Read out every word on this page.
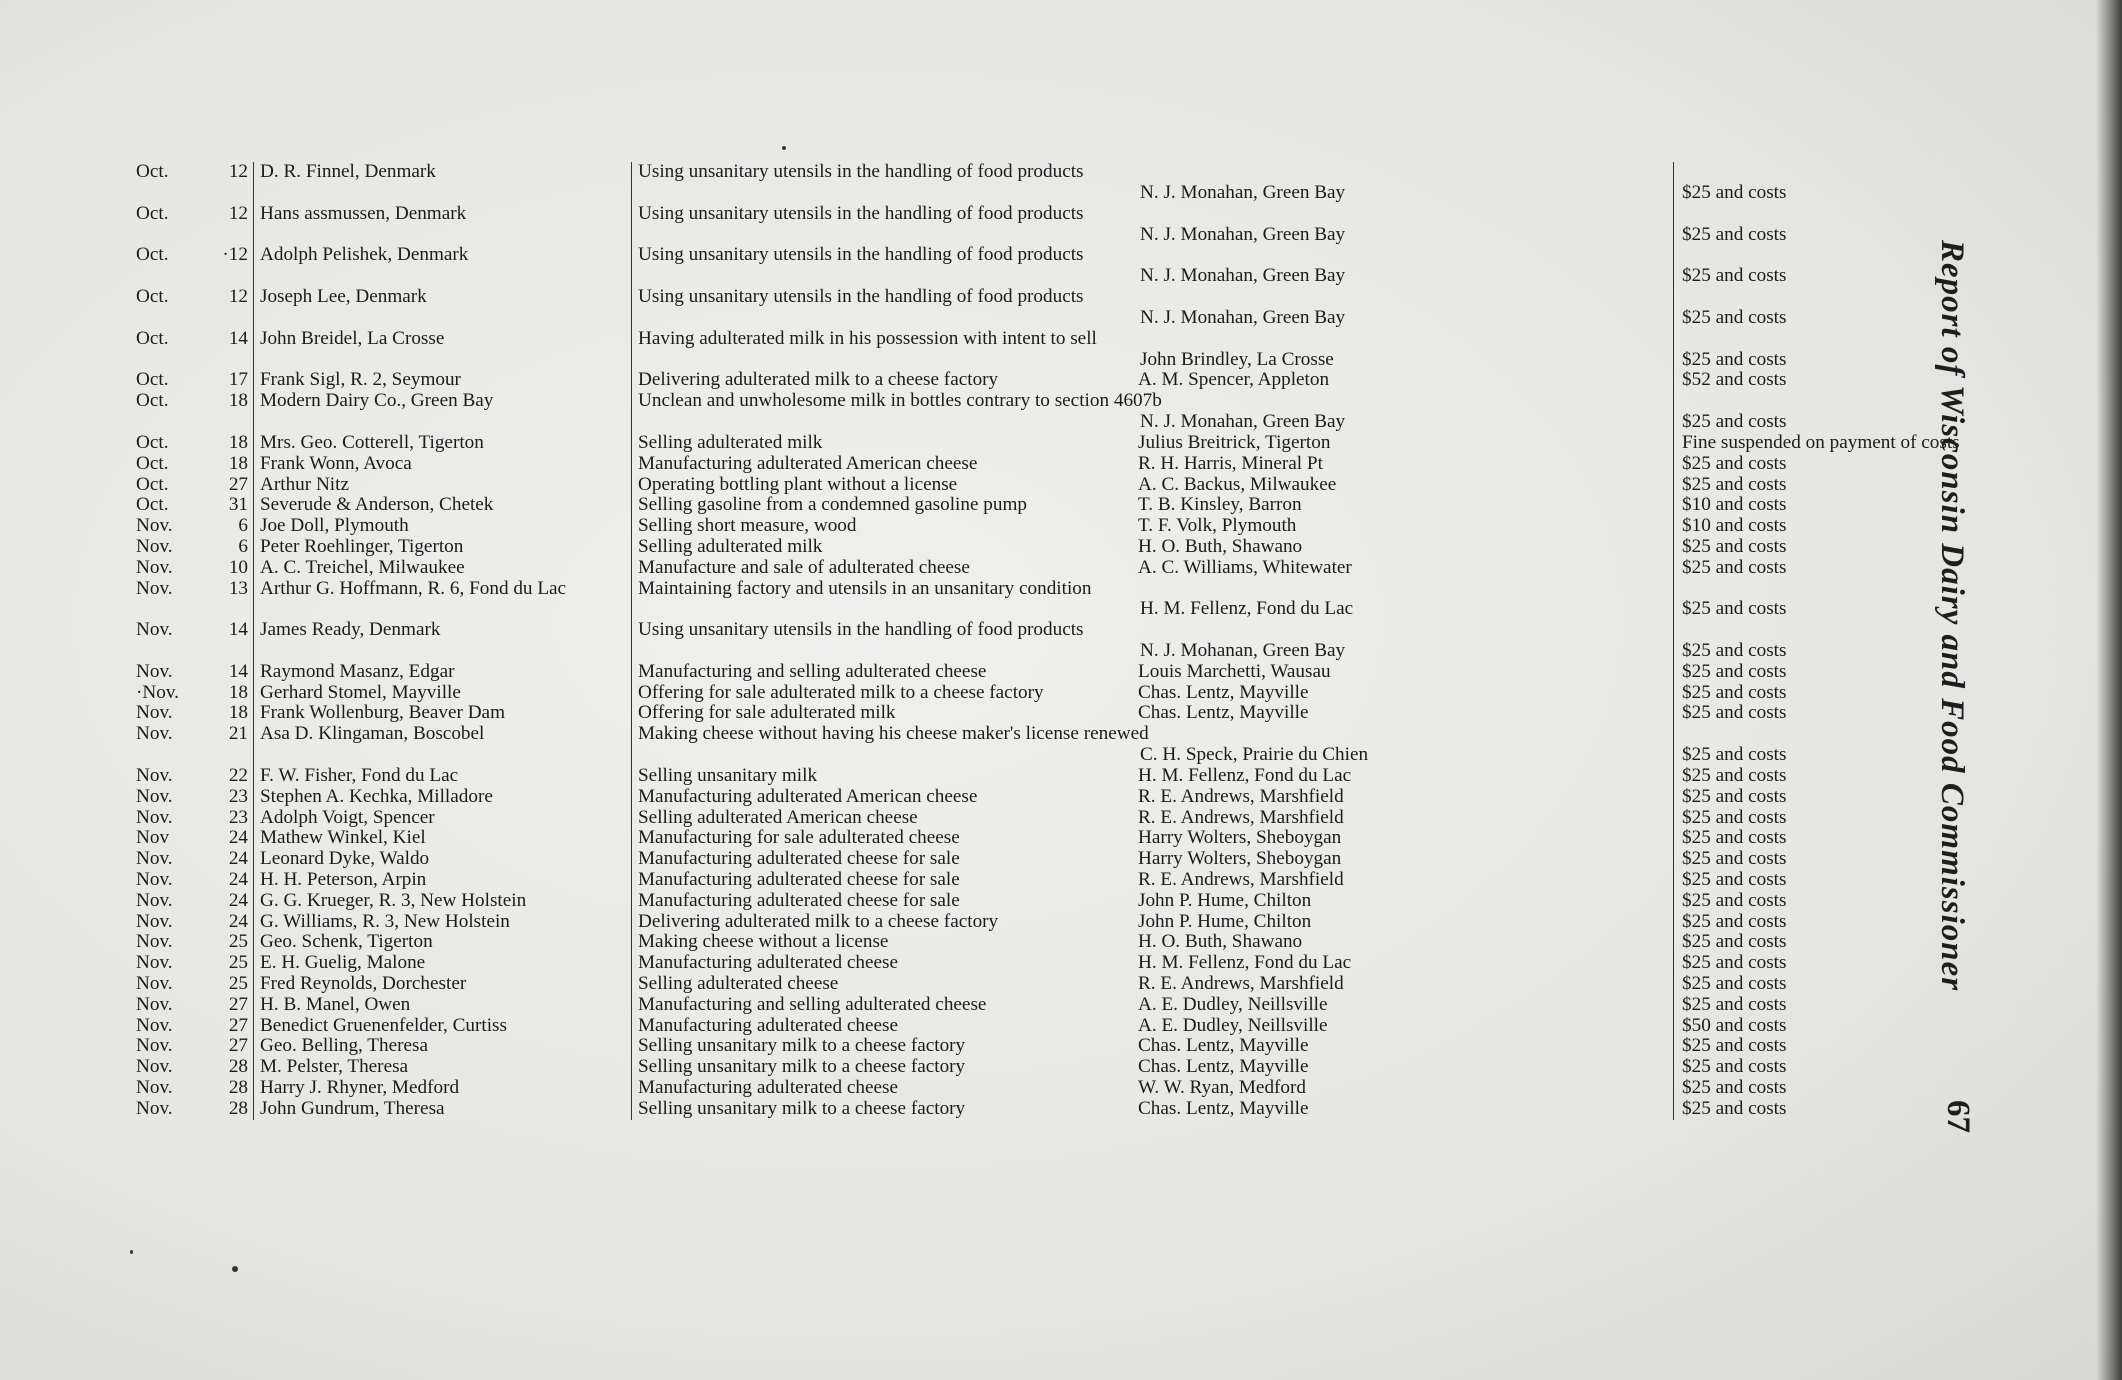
Oct.	12 D. R. Finnel, Denmark	Using unsanitary utensils in the handling of food products
N. J. Monahan, Green Bay	$25 and costs
Oct.	12 Hans assmussen, Denmark	Using unsanitary utensils in the handling of food products
N. J. Monahan, Green Bay	$25 and costs
Oct.	·12 Adolph Pelishek, Denmark	Using unsanitary utensils in the handling of food products
N. J. Monahan, Green Bay	$25 and costs
Oct.	12 Joseph Lee, Denmark	Using unsanitary utensils in the handling of food products
N. J. Monahan, Green Bay	$25 and costs
Oct.	14 John Breidel, La Crosse	Having adulterated milk in his possession with intent to sell
John Brindley, La Crosse	$25 and costs
Oct.	17 Frank Sigl, R. 2, Seymour	Delivering adulterated milk to a cheese factory	A. M. Spencer, Appleton	$52 and costs
Oct.	18 Modern Dairy Co., Green Bay	Unclean and unwholesome milk in bottles contrary to section 4607b
N. J. Monahan, Green Bay	$25 and costs
Oct.	18 Mrs. Geo. Cotterell, Tigerton	Selling adulterated milk	Julius Breitrick, Tigerton	Fine suspended on payment of costs
Oct.	18 Frank Wonn, Avoca	Manufacturing adulterated American cheese	R. H. Harris, Mineral Pt	$25 and costs
Oct.	27 Arthur Nitz	Operating bottling plant without a license	A. C. Backus, Milwaukee	$25 and costs
Oct.	31 Severude & Anderson, Chetek	Selling gasoline from a condemned gasoline pump	T. B. Kinsley, Barron	$10 and costs
Nov.	6 Joe Doll, Plymouth	Selling short measure, wood	T. F. Volk, Plymouth	$10 and costs
Nov.	6 Peter Roehlinger, Tigerton	Selling adulterated milk	H. O. Buth, Shawano	$25 and costs
Nov.	10 A. C. Treichel, Milwaukee	Manufacture and sale of adulterated cheese	A. C. Williams, Whitewater	$25 and costs
Nov.	13 Arthur G. Hoffmann, R. 6, Fond du Lac	Maintaining factory and utensils in an unsanitary condition
H. M. Fellenz, Fond du Lac	$25 and costs
Nov.	14 James Ready, Denmark	Using unsanitary utensils in the handling of food products
N. J. Mohanan, Green Bay	$25 and costs
Nov.	14 Raymond Masanz, Edgar	Manufacturing and selling adulterated cheese	Louis Marchetti, Wausau	$25 and costs
·Nov.	18 Gerhard Stomel, Mayville	Offering for sale adulterated milk to a cheese factory	Chas. Lentz, Mayville	$25 and costs
Nov.	18 Frank Wollenburg, Beaver Dam	Offering for sale adulterated milk	Chas. Lentz, Mayville	$25 and costs
Nov.	21 Asa D. Klingaman, Boscobel	Making cheese without having his cheese maker's license renewed
C. H. Speck, Prairie du Chien	$25 and costs
Nov.	22 F. W. Fisher, Fond du Lac	Selling unsanitary milk	H. M. Fellenz, Fond du Lac	$25 and costs
Nov.	23 Stephen A. Kechka, Milladore	Manufacturing adulterated American cheese	R. E. Andrews, Marshfield	$25 and costs
Nov.	23 Adolph Voigt, Spencer	Selling adulterated American cheese	R. E. Andrews, Marshfield	$25 and costs
Nov	24 Mathew Winkel, Kiel	Manufacturing for sale adulterated cheese	Harry Wolters, Sheboygan	$25 and costs
Nov.	24 Leonard Dyke, Waldo	Manufacturing adulterated cheese for sale	Harry Wolters, Sheboygan	$25 and costs
Nov.	24 H. H. Peterson, Arpin	Manufacturing adulterated cheese for sale	R. E. Andrews, Marshfield	$25 and costs
Nov.	24 G. G. Krueger, R. 3, New Holstein	Manufacturing adulterated cheese for sale	John P. Hume, Chilton	$25 and costs
Nov.	24 G. Williams, R. 3, New Holstein	Delivering adulterated milk to a cheese factory	John P. Hume, Chilton	$25 and costs
Nov.	25 Geo. Schenk, Tigerton	Making cheese without a license	H. O. Buth, Shawano	$25 and costs
Nov.	25 E. H. Guelig, Malone	Manufacturing adulterated cheese	H. M. Fellenz, Fond du Lac	$25 and costs
Nov.	25 Fred Reynolds, Dorchester	Selling adulterated cheese	R. E. Andrews, Marshfield	$25 and costs
Nov.	27 H. B. Manel, Owen	Manufacturing and selling adulterated cheese	A. E. Dudley, Neillsville	$25 and costs
Nov.	27 Benedict Gruenenfelder, Curtiss	Manufacturing adulterated cheese	A. E. Dudley, Neillsville	$50 and costs
Nov.	27 Geo. Belling, Theresa	Selling unsanitary milk to a cheese factory	Chas. Lentz, Mayville	$25 and costs
Nov.	28 M. Pelster, Theresa	Selling unsanitary milk to a cheese factory	Chas. Lentz, Mayville	$25 and costs
Nov.	28 Harry J. Rhyner, Medford	Manufacturing adulterated cheese	W. W. Ryan, Medford	$25 and costs
Nov.	28 John Gundrum, Theresa	Selling unsanitary milk to a cheese factory	Chas. Lentz, Mayville	$25 and costs
Report of Wisconsin Dairy and Food Commissioner
67
